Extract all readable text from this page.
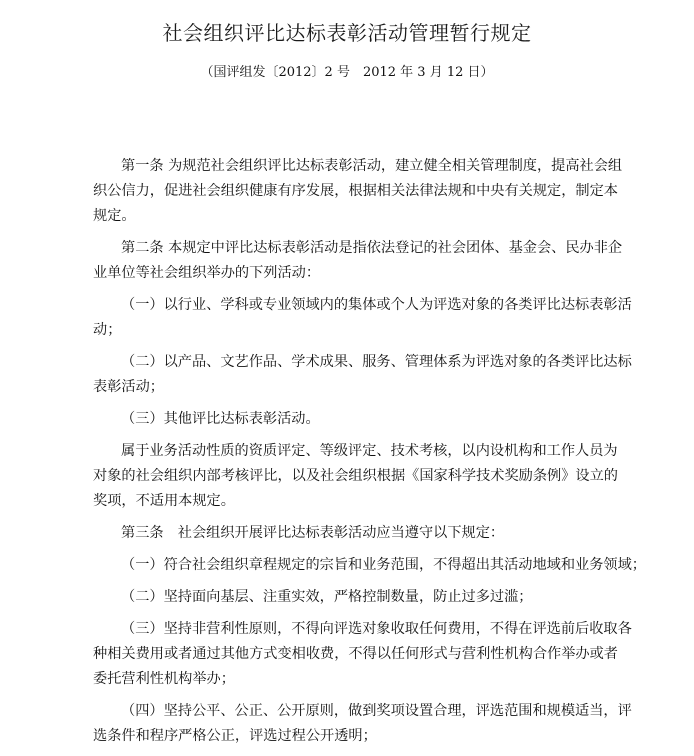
社会组织评比达标表彰活动管理暂行规定
（国评组发〔2012〕2 号　2012 年 3 月 12 日）
第一条 为规范社会组织评比达标表彰活动，建立健全相关管理制度，提高社会组
织公信力，促进社会组织健康有序发展，根据相关法律法规和中央有关规定，制定本
规定。
第二条 本规定中评比达标表彰活动是指依法登记的社会团体、基金会、民办非企
业单位等社会组织举办的下列活动：
（一）以行业、学科或专业领域内的集体或个人为评选对象的各类评比达标表彰活
动；
（二）以产品、文艺作品、学术成果、服务、管理体系为评选对象的各类评比达标
表彰活动；
（三）其他评比达标表彰活动。
属于业务活动性质的资质评定、等级评定、技术考核，以内设机构和工作人员为
对象的社会组织内部考核评比，以及社会组织根据《国家科学技术奖励条例》设立的
奖项，不适用本规定。
第三条　社会组织开展评比达标表彰活动应当遵守以下规定：
（一）符合社会组织章程规定的宗旨和业务范围，不得超出其活动地域和业务领域；
（二）坚持面向基层、注重实效，严格控制数量，防止过多过滥；
（三）坚持非营利性原则，不得向评选对象收取任何费用，不得在评选前后收取各
种相关费用或者通过其他方式变相收费，不得以任何形式与营利性机构合作举办或者
委托营利性机构举办；
（四）坚持公平、公正、公开原则，做到奖项设置合理，评选范围和规模适当，评
选条件和程序严格公正，评选过程公开透明；
